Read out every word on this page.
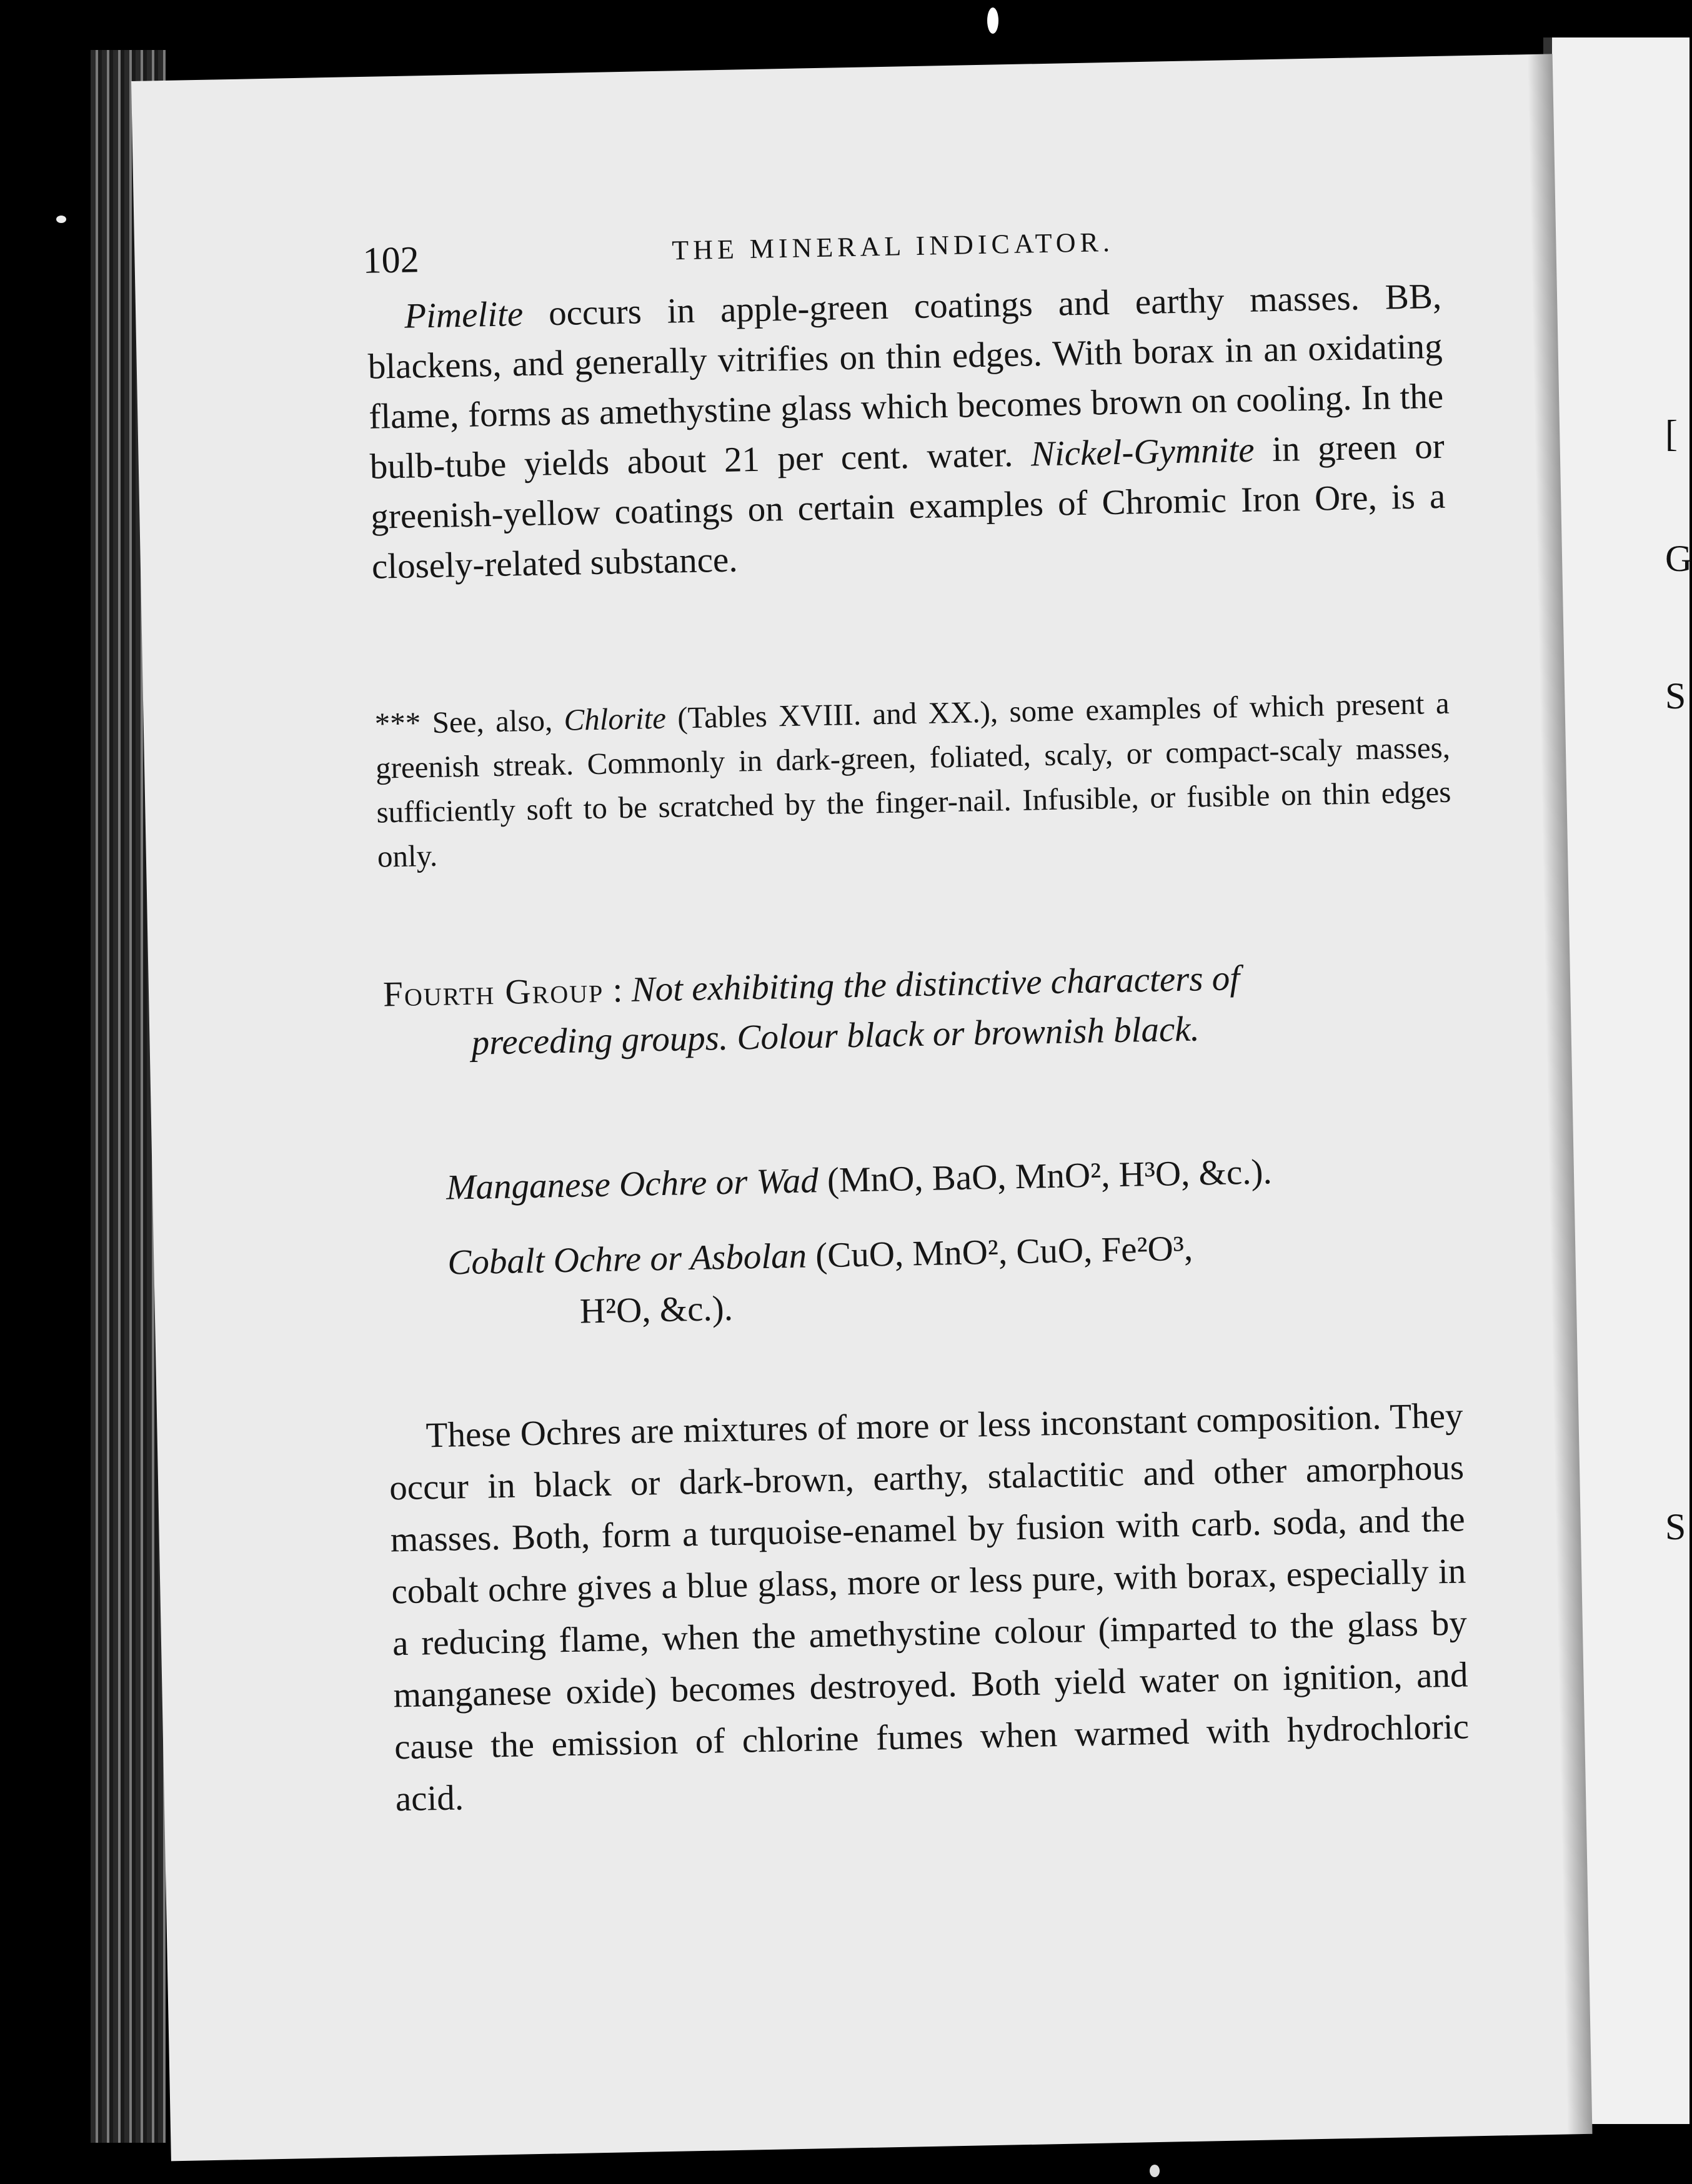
[
G
S
S
102	THE MINERAL INDICATOR.
Pimelite occurs in apple-green coatings and earthy masses. BB, blackens, and generally vitrifies on thin edges. With borax in an oxidating flame, forms as amethystine glass which becomes brown on cooling. In the bulb-tube yields about 21 per cent. water. Nickel-Gymnite in green or greenish-yellow coatings on certain examples of Chromic Iron Ore, is a closely-related substance.
*** See, also, Chlorite (Tables XVIII. and XX.), some examples of which present a greenish streak. Commonly in dark-green, foliated, scaly, or compact-scaly masses, sufficiently soft to be scratched by the finger-nail. Infusible, or fusible on thin edges only.
Fourth Group : Not exhibiting the distinctive characters of
preceding groups. Colour black or brownish black.
Manganese Ochre or Wad (MnO, BaO, MnO², H³O, &c.).
Cobalt Ochre or Asbolan (CuO, MnO², CuO, Fe²O³,
H²O, &c.).
These Ochres are mixtures of more or less inconstant composition. They occur in black or dark-brown, earthy, stalactitic and other amorphous masses. Both, form a turquoise-enamel by fusion with carb. soda, and the cobalt ochre gives a blue glass, more or less pure, with borax, especially in a reducing flame, when the amethystine colour (imparted to the glass by manganese oxide) becomes destroyed. Both yield water on ignition, and cause the emission of chlorine fumes when warmed with hydrochloric acid.
